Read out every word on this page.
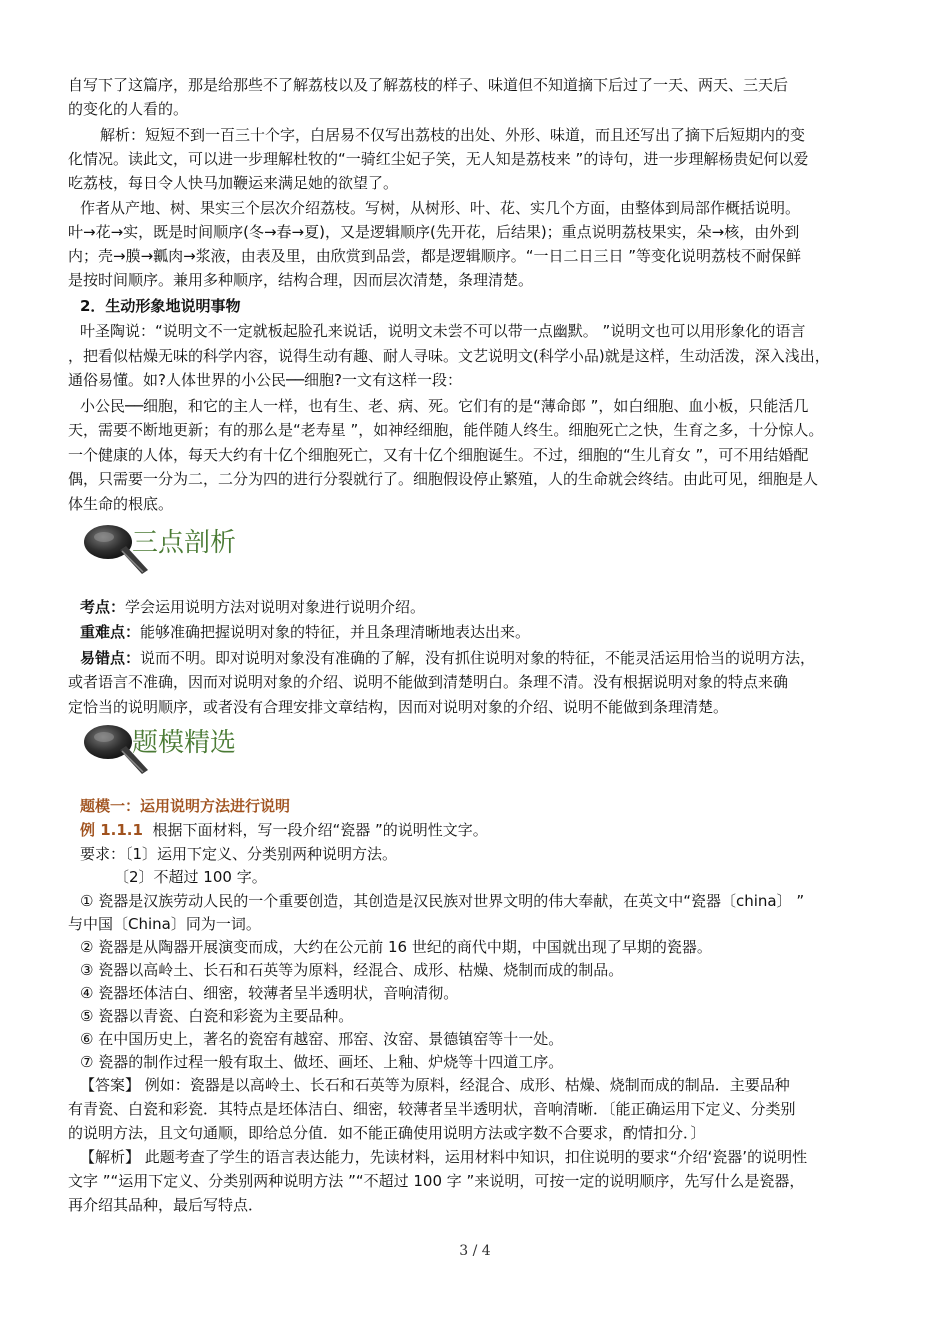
自写下了这篇序，那是给那些不了解荔枝以及了解荔枝的样子、味道但不知道摘下后过了一天、两天、三天后
的变化的人看的。
解析：短短不到一百三十个字，白居易不仅写出荔枝的出处、外形、味道，而且还写出了摘下后短期内的变
化情况。读此文，可以进一步理解杜牧的“一骑红尘妃子笑，无人知是荔枝来 ”的诗句，进一步理解杨贵妃何以爱
吃荔枝，每日令人快马加鞭运来满足她的欲望了。
作者从产地、树、果实三个层次介绍荔枝。写树，从树形、叶、花、实几个方面，由整体到局部作概括说明。
叶→花→实，既是时间顺序(冬→春→夏)，又是逻辑顺序(先开花，后结果)；重点说明荔枝果实，朵→核，由外到
内；壳→膜→瓤肉→浆液，由表及里，由欣赏到品尝，都是逻辑顺序。“一日二日三日 ”等变化说明荔枝不耐保鲜
是按时间顺序。兼用多种顺序，结构合理，因而层次清楚，条理清楚。
2．生动形象地说明事物
叶圣陶说：“说明文不一定就板起脸孔来说话，说明文未尝不可以带一点幽默。 ”说明文也可以用形象化的语言
，把看似枯燥无味的科学内容，说得生动有趣、耐人寻味。文艺说明文(科学小品)就是这样，生动活泼，深入浅出，
通俗易懂。如?人体世界的小公民──细胞?一文有这样一段：
小公民──细胞，和它的主人一样，也有生、老、病、死。它们有的是“薄命郎 ”，如白细胞、血小板，只能活几
天，需要不断地更新；有的那么是“老寿星 ”，如神经细胞，能伴随人终生。细胞死亡之快，生育之多，十分惊人。
一个健康的人体，每天大约有十亿个细胞死亡，又有十亿个细胞诞生。不过，细胞的“生儿育女 ”，可不用结婚配
偶，只需要一分为二，二分为四的进行分裂就行了。细胞假设停止繁殖，人的生命就会终结。由此可见，细胞是人
体生命的根底。
三点剖析
考点：学会运用说明方法对说明对象进行说明介绍。
重难点：能够准确把握说明对象的特征，并且条理清晰地表达出来。
易错点：说而不明。即对说明对象没有准确的了解，没有抓住说明对象的特征，不能灵活运用恰当的说明方法，
或者语言不准确，因而对说明对象的介绍、说明不能做到清楚明白。条理不清。没有根据说明对象的特点来确
定恰当的说明顺序，或者没有合理安排文章结构，因而对说明对象的介绍、说明不能做到条理清楚。
题模精选
题模一：运用说明方法进行说明
例 1.1.1 根据下面材料，写一段介绍“瓷器 ”的说明性文字。
要求：〔1〕运用下定义、分类别两种说明方法。
〔2〕不超过 100 字。
① 瓷器是汉族劳动人民的一个重要创造，其创造是汉民族对世界文明的伟大奉献，在英文中“瓷器〔china〕 ”
与中国〔China〕同为一词。
② 瓷器是从陶器开展演变而成，大约在公元前 16 世纪的商代中期，中国就出现了早期的瓷器。
③ 瓷器以高岭土、长石和石英等为原料，经混合、成形、枯燥、烧制而成的制品。
④ 瓷器坯体洁白、细密，较薄者呈半透明状，音响清彻。
⑤ 瓷器以青瓷、白瓷和彩瓷为主要品种。
⑥ 在中国历史上，著名的瓷窑有越窑、邢窑、汝窑、景德镇窑等十一处。
⑦ 瓷器的制作过程一般有取土、做坯、画坯、上釉、炉烧等十四道工序。
【答案】 例如：瓷器是以高岭土、长石和石英等为原料，经混合、成形、枯燥、烧制而成的制品．主要品种
有青瓷、白瓷和彩瓷．其特点是坯体洁白、细密，较薄者呈半透明状，音响清晰．〔能正确运用下定义、分类别
的说明方法，且文句通顺，即给总分值．如不能正确使用说明方法或字数不合要求，酌情扣分．〕
【解析】 此题考查了学生的语言表达能力，先读材料，运用材料中知识，扣住说明的要求“介绍‘瓷器’的说明性
文字 ”“运用下定义、分类别两种说明方法 ”“不超过 100 字 ”来说明，可按一定的说明顺序，先写什么是瓷器，
再介绍其品种，最后写特点．
3 / 4
